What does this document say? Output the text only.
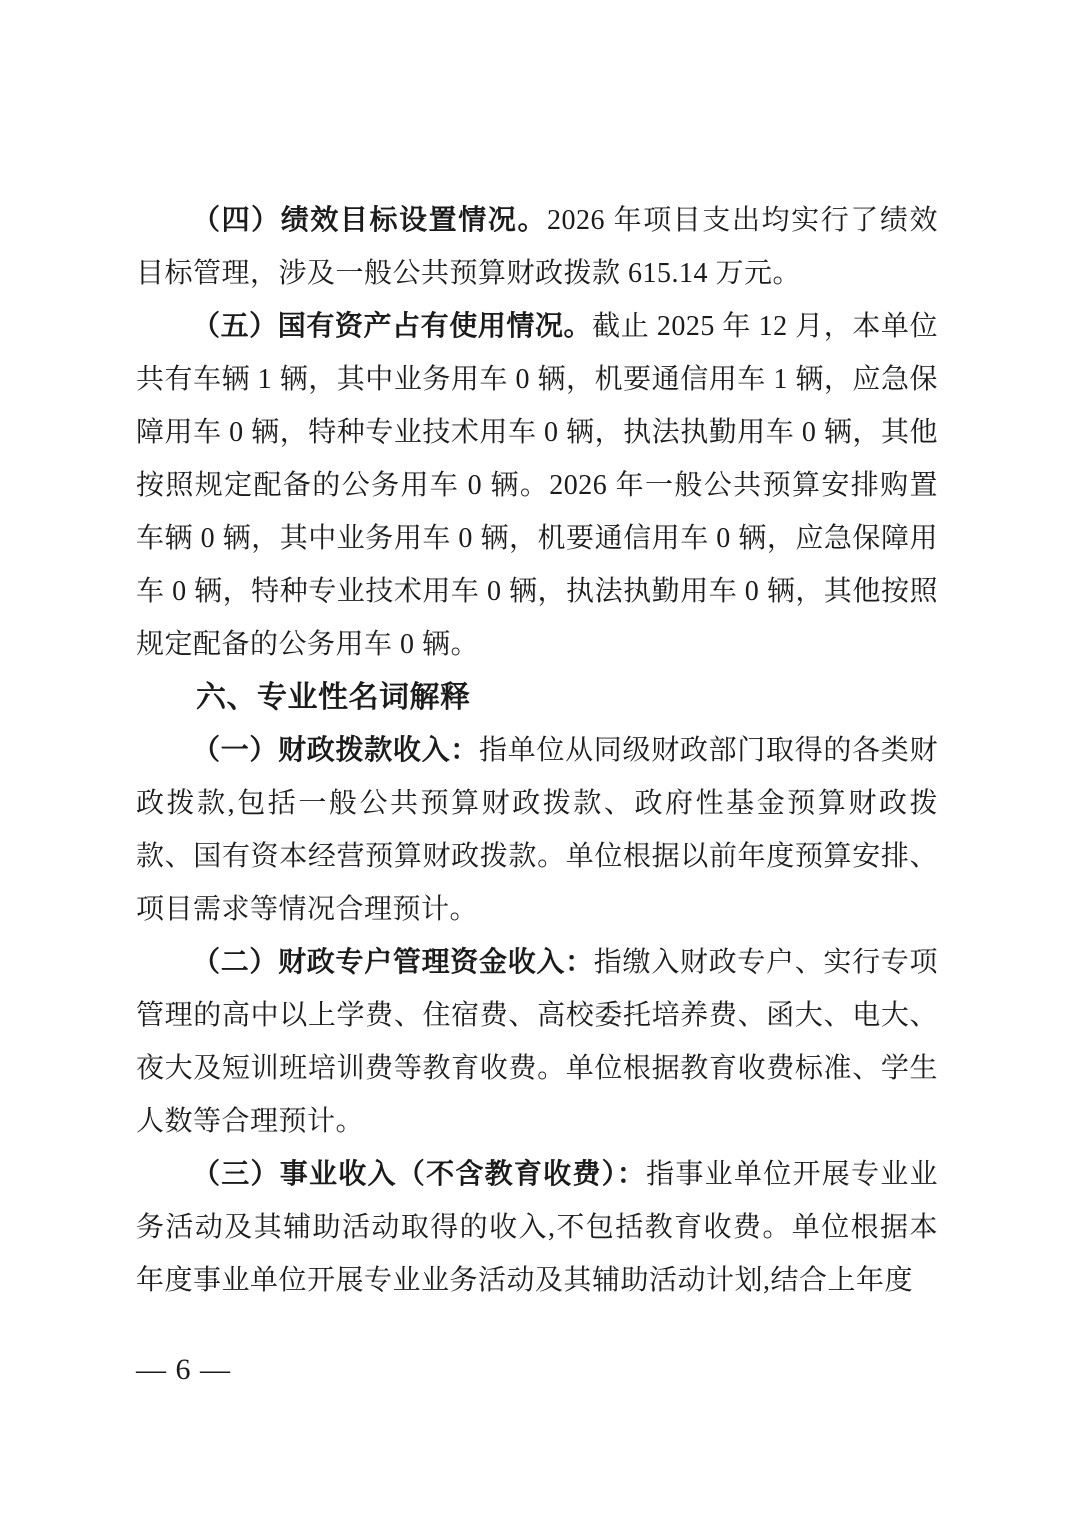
（四）绩效目标设置情况。2026 年项目支出均实行了绩效目标管理，涉及一般公共预算财政拨款 615.14 万元。

（五）国有资产占有使用情况。截止 2025 年 12 月，本单位共有车辆 1 辆，其中业务用车 0 辆，机要通信用车 1 辆，应急保障用车 0 辆，特种专业技术用车 0 辆，执法执勤用车 0 辆，其他按照规定配备的公务用车 0 辆。2026 年一般公共预算安排购置车辆 0 辆，其中业务用车 0 辆，机要通信用车 0 辆，应急保障用车 0 辆，特种专业技术用车 0 辆，执法执勤用车 0 辆，其他按照规定配备的公务用车 0 辆。

六、专业性名词解释

（一）财政拨款收入：指单位从同级财政部门取得的各类财政拨款,包括一般公共预算财政拨款、政府性基金预算财政拨款、国有资本经营预算财政拨款。单位根据以前年度预算安排、项目需求等情况合理预计。

（二）财政专户管理资金收入：指缴入财政专户、实行专项管理的高中以上学费、住宿费、高校委托培养费、函大、电大、夜大及短训班培训费等教育收费。单位根据教育收费标准、学生人数等合理预计。

（三）事业收入（不含教育收费）：指事业单位开展专业业务活动及其辅助活动取得的收入,不包括教育收费。单位根据本年度事业单位开展专业业务活动及其辅助活动计划,结合上年度

— 6 —
